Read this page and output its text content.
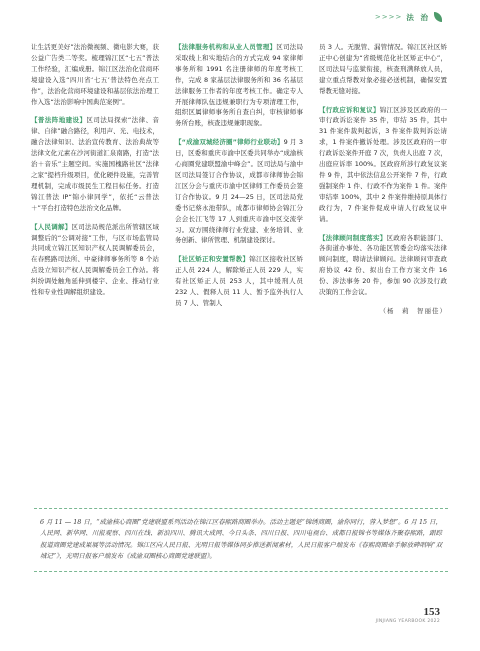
>>>> 法 治

让生活更美好”法治微视频、微电影大赛，获公益广告类二等奖。梳理锦江区“七五”普法工作经验，汇编成册。锦江区法治化营商环境建设入选“四川省‘七五’普法特色亮点工作”，法治化营商环境建设和基层依法治理工作入选“法治影响中国典范案例”。

【普法阵地建设】区司法局探索“法律、音律、自律”融合路径，利用声、光、电技术，融合法律知识、法治宣传教育、法治典故等法律文化元素在沙河街道汇泉南路，打造“法治＋音乐”主题空间。实施国槐路社区“法律之家”提档升级项目，优化硬件设施，完善管理机制，完成市级民生工程目标任务。打造锦江普法 IP“锦小律同学”，依托“云普法＋”平台打造特色法治文化品牌。

【人民调解】区司法局规范派出所管辖区域调整后的“公调对接”工作，与区市场监管局共同成立锦江区知识产权人民调解委员会，在春熙路司法所、中豪律师事务所等 8 个站点设立知识产权人民调解委员会工作站。将纠纷调处触角延伸到楼宇、企业、推动行业性和专业性调解组织建设。

【法律服务机构和从业人员管理】区司法局采取线上和实地结合的方式完成 94 家律师事务所和 1991 名注册律师的年度考核工作，完成 8 家基层法律服务所和 36 名基层法律服务工作者的年度考核工作。确定专人开展律师队伍违规兼职行为专项清理工作，组织区属律师事务所自查自纠，审核律师事务所台账，核查违规兼职现象。

【“成渝双城经济圈”律师行业联动】9 月 3 日，区委和重庆市渝中区委共同举办“成渝核心商圈党建联盟渝中峰会”。区司法局与渝中区司法局签订合作协议，成都市律师协会锦江区分会与重庆市渝中区律师工作委员会签订合作协议。9 月 24—25 日，区司法局党委书记蔡永池带队，成都市律师协会锦江分会会长江飞等 17 人到重庆市渝中区交流学习。双方围绕律师行业党建、业务培训、业务创新、律所管理、机制建设探讨。

【社区矫正和安置帮教】锦江区接收社区矫正人员 224 人，解除矫正人员 229 人，实有社区矫正人员 253 人，其中缓刑人员 232 人、假释人员 11 人、暂予监外执行人员 7 人、管制人

员 3 人。无脱管、漏管情况。锦江区社区矫正中心创建为“省级规范化社区矫正中心”，区司法局与监狱衔接，核查刑满释放人员，建立重点帮教对象必接必送机制，确保安置帮教无缝对接。

【行政应诉和复议】锦江区涉及区政府的一审行政诉讼案件 35 件，审结 35 件，其中 31 件案件裁判起诉，3 件案件裁判诉讼请求，1 件案件撤诉处理。涉及区政府的一审行政诉讼案件开庭 7 次，负责人出庭 7 次，出庭应诉率 100%。区政府所涉行政复议案件 9 件，其中依法信息公开案件 7 件，行政强制案件 1 件、行政不作为案件 1 件。案件审结率 100%，其中 2 件案件维持原具体行政行为，7 件案件促成申请人行政复议申请。

【法律顾问制度落实】区政府各职能部门、各街道办事处、各功能区管委会均落实法律顾问制度，聘请法律顾问。法律顾问审查政府协议 42 份、拟出台工作方案文件 16 份、涉法事务 20 件，参加 90 次涉及行政决策的工作会议。

（杨　莉　智丽佳）
6 月 11 — 18 日，“成渝核心商圈”党建联盟系列活动在锦江区春熙路商圈举办。活动主题是“锦绣商圈，渝你同行，蓉入梦想”。6 月 15 日，人民网、新华网、川报观察、四川在线、新浪四川、腾讯大成网、今日头条、四川日报、四川电视台、成都日报锦书等媒体齐聚春熙路，跟踪报道商圈党建成果展等活动情况。锦江区向人民日报、光明日报等媒体同步推送新闻素材，人民日报客户端发布《春熙商圈牵手解放碑唱响“双城记”》，光明日报客户端发布《成渝双圈核心商圈党建联盟》。
153
JINJIANG YEARBOOK 2022
